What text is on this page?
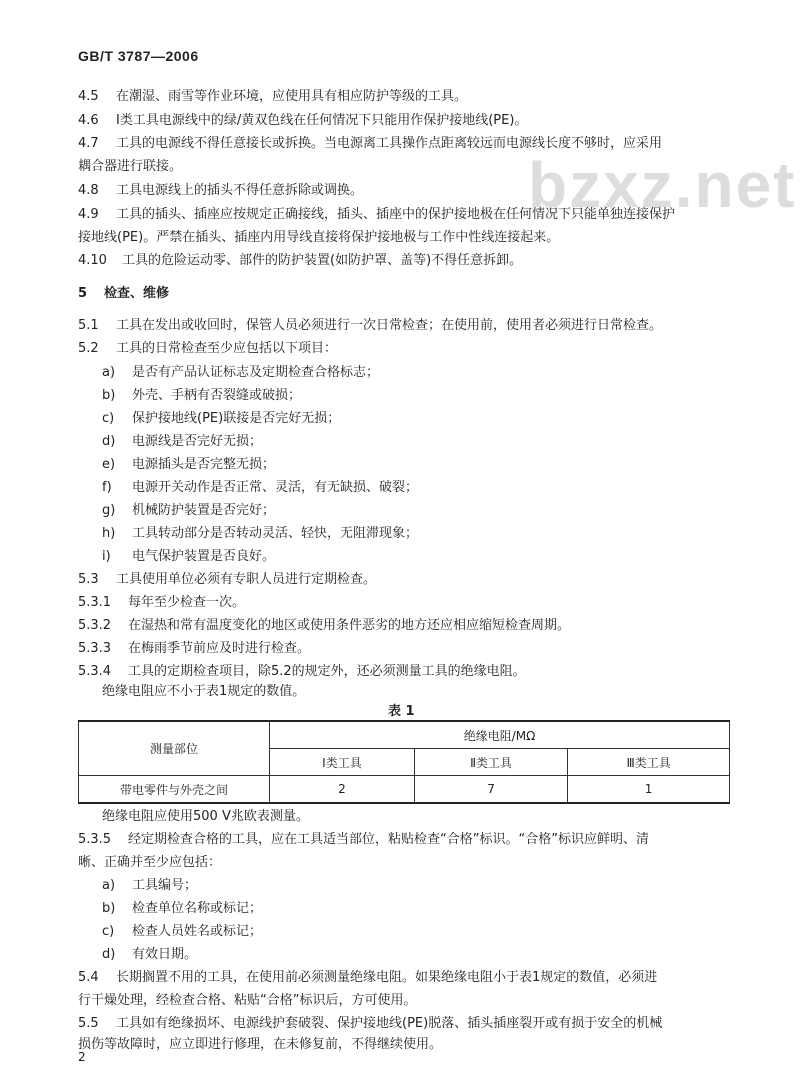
GB/T 3787—2006
bzxz.net
4.5 在潮湿、雨雪等作业环境，应使用具有相应防护等级的工具。
4.6 Ⅰ类工具电源线中的绿/黄双色线在任何情况下只能用作保护接地线(PE)。
4.7 工具的电源线不得任意接长或拆换。当电源离工具操作点距离较远而电源线长度不够时，应采用
耦合器进行联接。
4.8 工具电源线上的插头不得任意拆除或调换。
4.9 工具的插头、插座应按规定正确接线，插头、插座中的保护接地极在任何情况下只能单独连接保护
接地线(PE)。严禁在插头、插座内用导线直接将保护接地极与工作中性线连接起来。
4.10 工具的危险运动零、部件的防护装置(如防护罩、盖等)不得任意拆卸。
5 检查、维修
5.1 工具在发出或收回时，保管人员必须进行一次日常检查；在使用前，使用者必须进行日常检查。
5.2 工具的日常检查至少应包括以下项目：
a) 是否有产品认证标志及定期检查合格标志；
b) 外壳、手柄有否裂缝或破损；
c) 保护接地线(PE)联接是否完好无损；
d) 电源线是否完好无损；
e) 电源插头是否完整无损；
f) 电源开关动作是否正常、灵活，有无缺损、破裂；
g) 机械防护装置是否完好；
h) 工具转动部分是否转动灵活、轻快，无阻滞现象；
i) 电气保护装置是否良好。
5.3 工具使用单位必须有专职人员进行定期检查。
5.3.1 每年至少检查一次。
5.3.2 在湿热和常有温度变化的地区或使用条件恶劣的地方还应相应缩短检查周期。
5.3.3 在梅雨季节前应及时进行检查。
5.3.4 工具的定期检查项目，除5.2的规定外，还必须测量工具的绝缘电阻。
绝缘电阻应不小于表1规定的数值。
表 1
测量部位	绝缘电阻/MΩ		
	Ⅰ类工具	Ⅱ类工具	Ⅲ类工具
带电零件与外壳之间	2	7	1
绝缘电阻应使用500 V兆欧表测量。
5.3.5 经定期检查合格的工具，应在工具适当部位，粘贴检查“合格”标识。“合格”标识应鲜明、清
晰、正确并至少应包括：
a) 工具编号；
b) 检查单位名称或标记；
c) 检查人员姓名或标记；
d) 有效日期。
5.4 长期搁置不用的工具，在使用前必须测量绝缘电阻。如果绝缘电阻小于表1规定的数值，必须进
行干燥处理，经检查合格、粘贴“合格”标识后，方可使用。
5.5 工具如有绝缘损坏、电源线护套破裂、保护接地线(PE)脱落、插头插座裂开或有损于安全的机械
损伤等故障时，应立即进行修理，在未修复前，不得继续使用。
2
